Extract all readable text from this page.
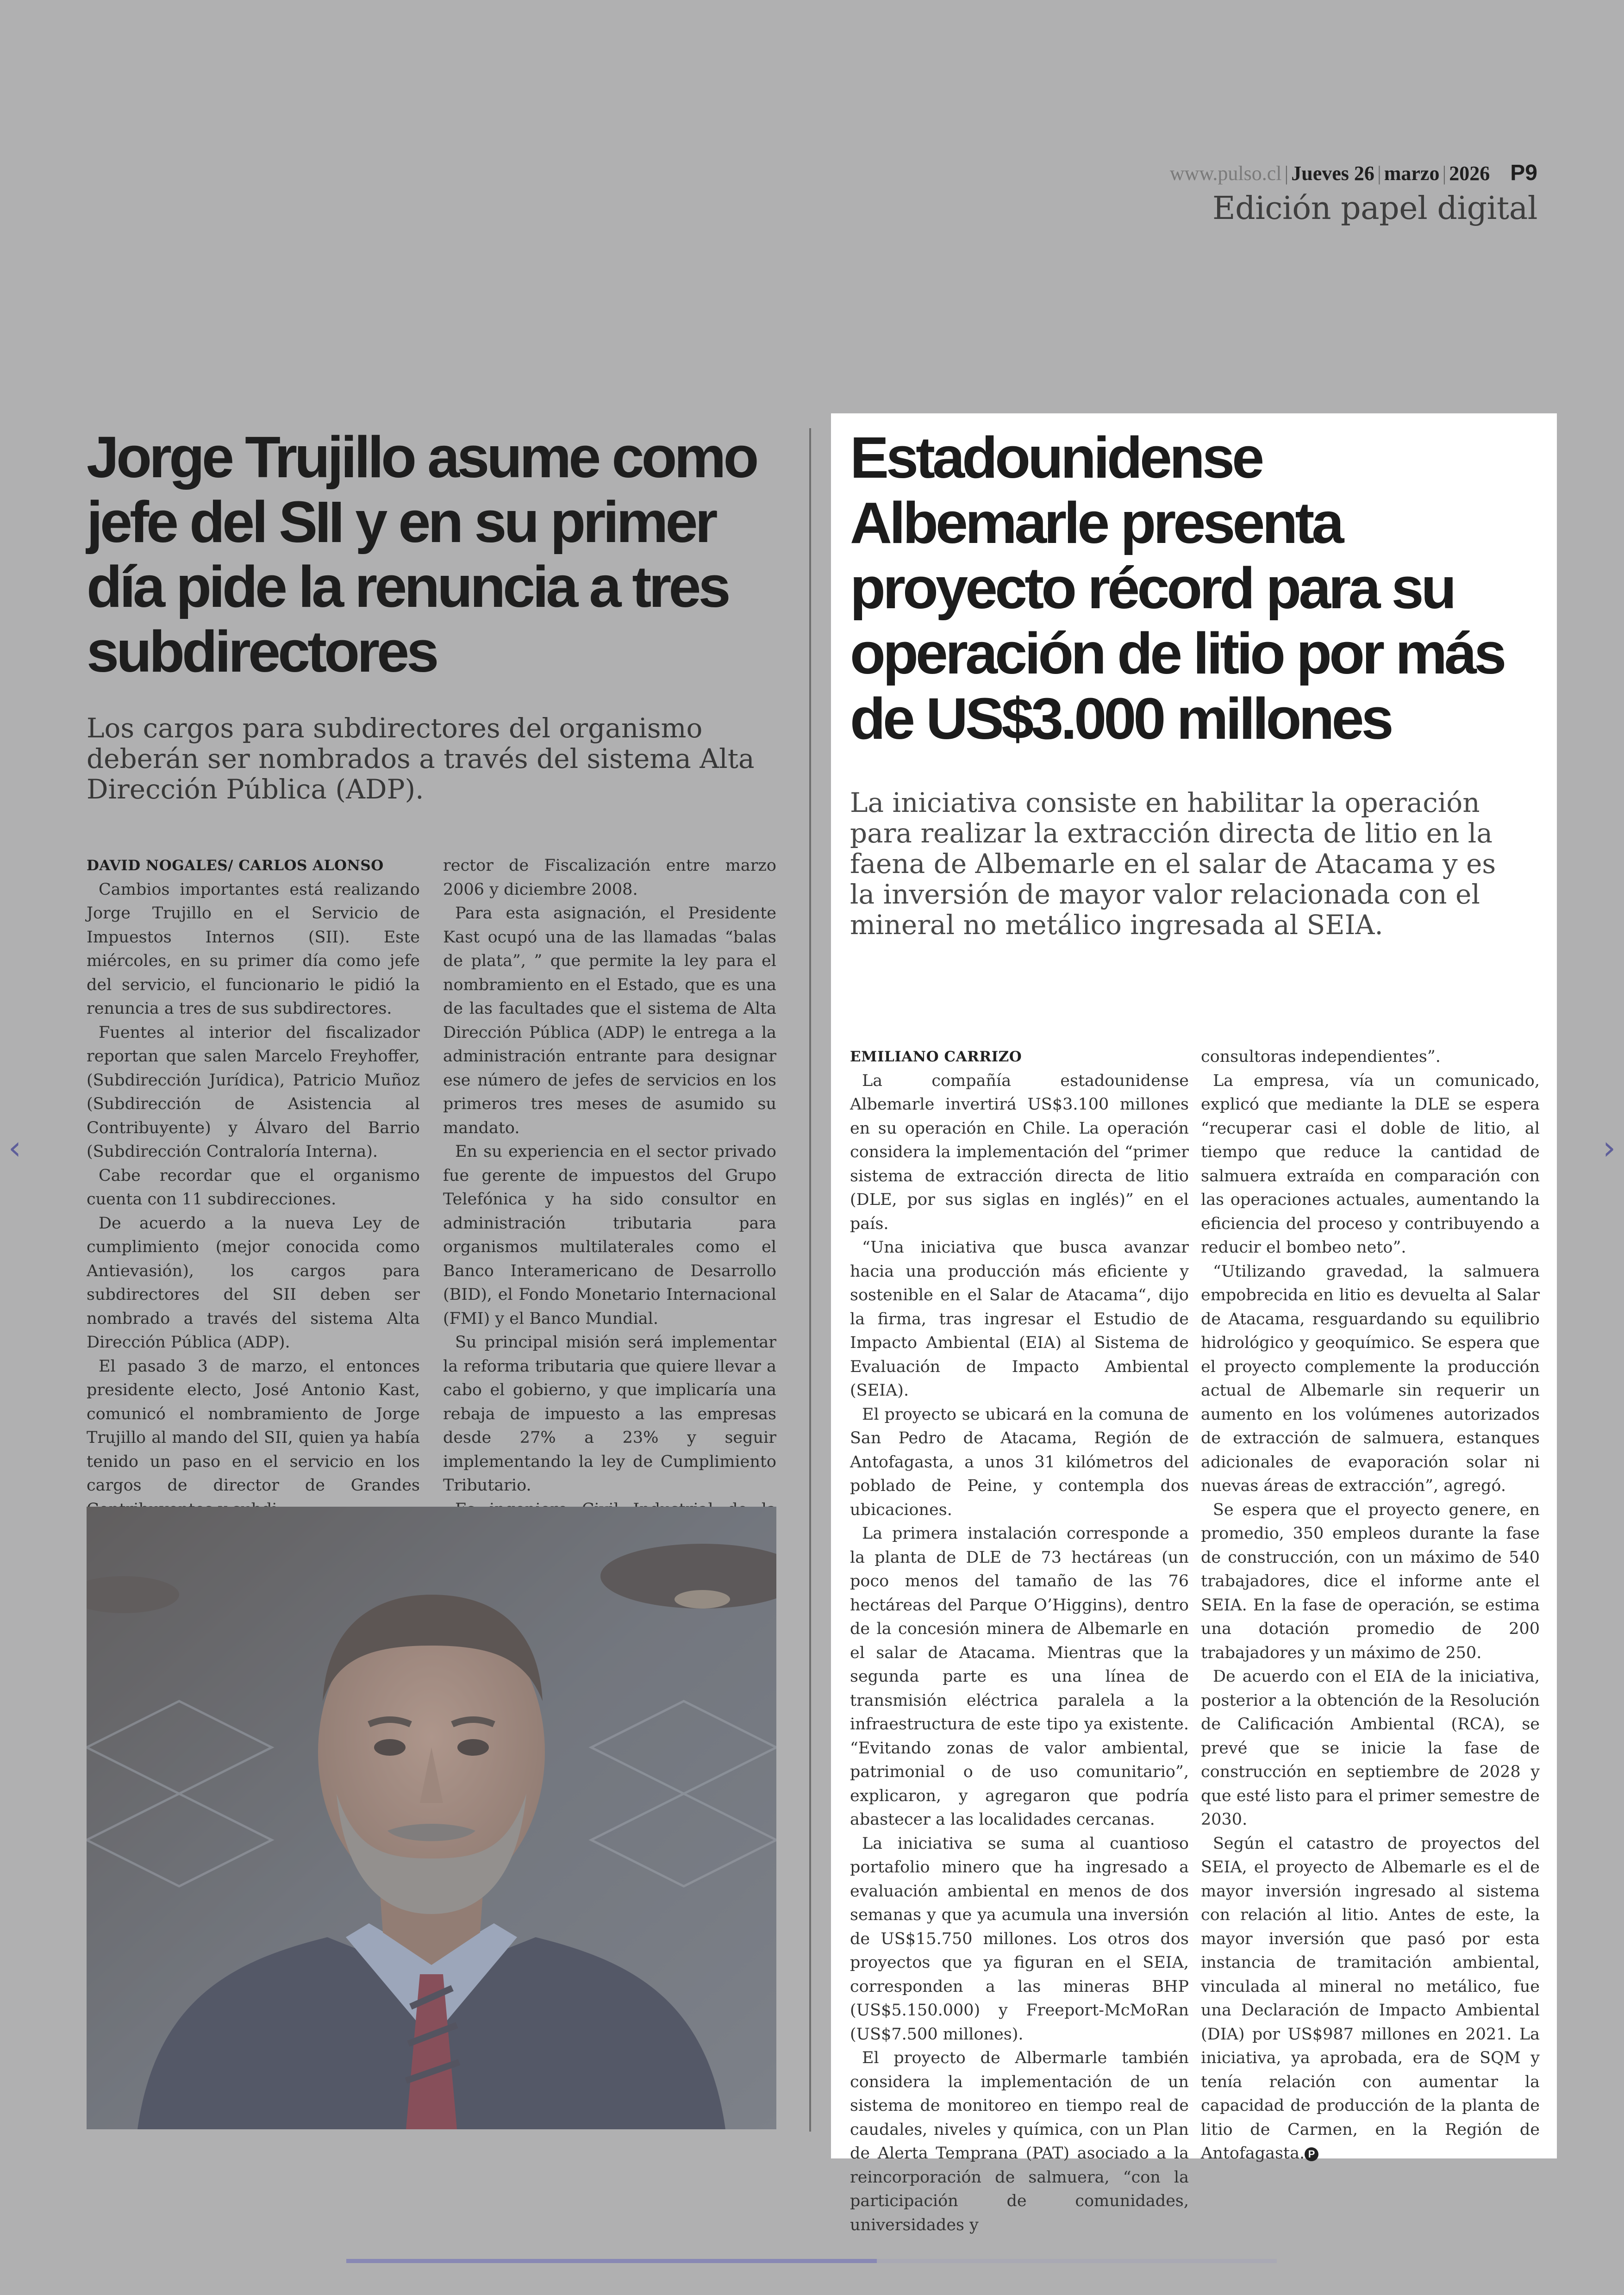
www.pulso.cl | Jueves 26 | marzo | 2026 P9
Edición papel digital
Jorge Trujillo asume como jefe del SII y en su primer día pide la renuncia a tres subdirectores
Los cargos para subdirectores del organismo deberán ser nombrados a través del sistema Alta Dirección Pública (ADP).
DAVID NOGALES/ CARLOS ALONSO

Cambios importantes está realizando Jorge Trujillo en el Servicio de Impuestos Internos (SII). Este miércoles, en su primer día como jefe del servicio, el funcionario le pidió la renuncia a tres de sus subdirectores.

Fuentes al interior del fiscalizador reportan que salen Marcelo Freyhoffer, (Subdirección Jurídica), Patricio Muñoz (Subdirección de Asistencia al Contribuyente) y Álvaro del Barrio (Subdirección Contraloría Interna).

Cabe recordar que el organismo cuenta con 11 subdirecciones.

De acuerdo a la nueva Ley de cumplimiento (mejor conocida como Antievasión), los cargos para subdirectores del SII deben ser nombrado a través del sistema Alta Dirección Pública (ADP).

El pasado 3 de marzo, el entonces presidente electo, José Antonio Kast, comunicó el nombramiento de Jorge Trujillo al mando del SII, quien ya había tenido un paso en el servicio en los cargos de director de Grandes

rector de Fiscalización entre marzo 2006 y diciembre 2008.

Para esta asignación, el Presidente Kast ocupó una de las llamadas “balas de plata”, ” que permite la ley para el nombramiento en el Estado, que es una de las facultades que el sistema de Alta Dirección Pública (ADP) le entrega a la administración entrante para designar ese número de jefes de servicios en los primeros tres meses de asumido su mandato.

En su experiencia en el sector privado fue gerente de impuestos del Grupo Telefónica y ha sido consultor en administración tributaria para organismos multilaterales como el Banco Interamericano de Desarrollo (BID), el Fondo Monetario Internacional (FMI) y el Banco Mundial.

Su principal misión será implementar la reforma tributaria que quiere llevar a cabo el gobierno, y que implicaría una rebaja de impuesto a las empresas desde 27% a 23% y seguir implementando la ley de Cumplimiento Tributario.

Estadounidense Albemarle presenta proyecto récord para su operación de litio por más de US$3.000 millones
La iniciativa consiste en habilitar la operación para realizar la extracción directa de litio en la faena de Albemarle en el salar de Atacama y es la inversión de mayor valor relacionada con el mineral no metálico ingresada al SEIA.
EMILIANO CARRIZO

La compañía estadounidense Albemarle invertirá US$3.100 millones en su operación en Chile. La operación considera la implementación del “primer sistema de extracción directa de litio (DLE, por sus siglas en inglés)” en el país.

“Una iniciativa que busca avanzar hacia una producción más eficiente y sostenible en el Salar de Atacama“, dijo la firma, tras ingresar el Estudio de Impacto Ambiental (EIA) al Sistema de Evaluación de Impacto Ambiental (SEIA).

El proyecto se ubicará en la comuna de San Pedro de Atacama, Región de Antofagasta, a unos 31 kilómetros del poblado de Peine, y contempla dos ubicaciones.

La primera instalación corresponde a la planta de DLE de 73 hectáreas (un poco menos del tamaño de las 76 hectáreas del Parque O’Higgins), dentro de la concesión minera de Albemarle en el salar de Atacama. Mientras que la segunda parte es una línea de transmisión eléctrica paralela a la infraestructura de este tipo ya existente. “Evitando zonas de valor ambiental, patrimonial o de uso comunitario”, explicaron, y agregaron que podría abastecer a las localidades cercanas.

La iniciativa se suma al cuantioso portafolio minero que ha ingresado a evaluación ambiental en menos de dos semanas y que ya acumula una inversión de US$15.750 millones. Los otros dos proyectos que ya figuran en el SEIA, corresponden a las mineras BHP (US$5.150.000) y Freeport-McMoRan (US$7.500 millones).

El proyecto de Albermarle también considera la implementación de un sistema de monitoreo en tiempo real de caudales, niveles y química, con un Plan de Alerta Temprana (PAT) asociado a la reincorporación de salmuera, “con la participación de comunidades, universidades y

consultoras independientes”.

La empresa, vía un comunicado, explicó que mediante la DLE se espera “recuperar casi el doble de litio, al tiempo que reduce la cantidad de salmuera extraída en comparación con las operaciones actuales, aumentando la eficiencia del proceso y contribuyendo a reducir el bombeo neto”.

“Utilizando gravedad, la salmuera empobrecida en litio es devuelta al Salar de Atacama, resguardando su equilibrio hidrológico y geoquímico. Se espera que el proyecto complemente la producción actual de Albemarle sin requerir un aumento en los volúmenes autorizados de extracción de salmuera, estanques adicionales de evaporación solar ni nuevas áreas de extracción”, agregó.

Se espera que el proyecto genere, en promedio, 350 empleos durante la fase de construcción, con un máximo de 540 trabajadores, dice el informe ante el SEIA. En la fase de operación, se estima una dotación promedio de 200 trabajadores y un máximo de 250.

De acuerdo con el EIA de la iniciativa, posterior a la obtención de la Resolución de Calificación Ambiental (RCA), se prevé que se inicie la fase de construcción en septiembre de 2028 y que esté listo para el primer semestre de 2030.

Según el catastro de proyectos del SEIA, el proyecto de Albemarle es el de mayor inversión ingresado al sistema con relación al litio. Antes de este, la mayor inversión que pasó por esta instancia de tramitación ambiental, vinculada al mineral no metálico, fue una Declaración de Impacto Ambiental (DIA) por US$987 millones en 2021. La iniciativa, ya aprobada, era de SQM y tenía relación con aumentar la capacidad de producción de la planta de litio de Carmen, en la Región de Antofagasta. P

‹	›
